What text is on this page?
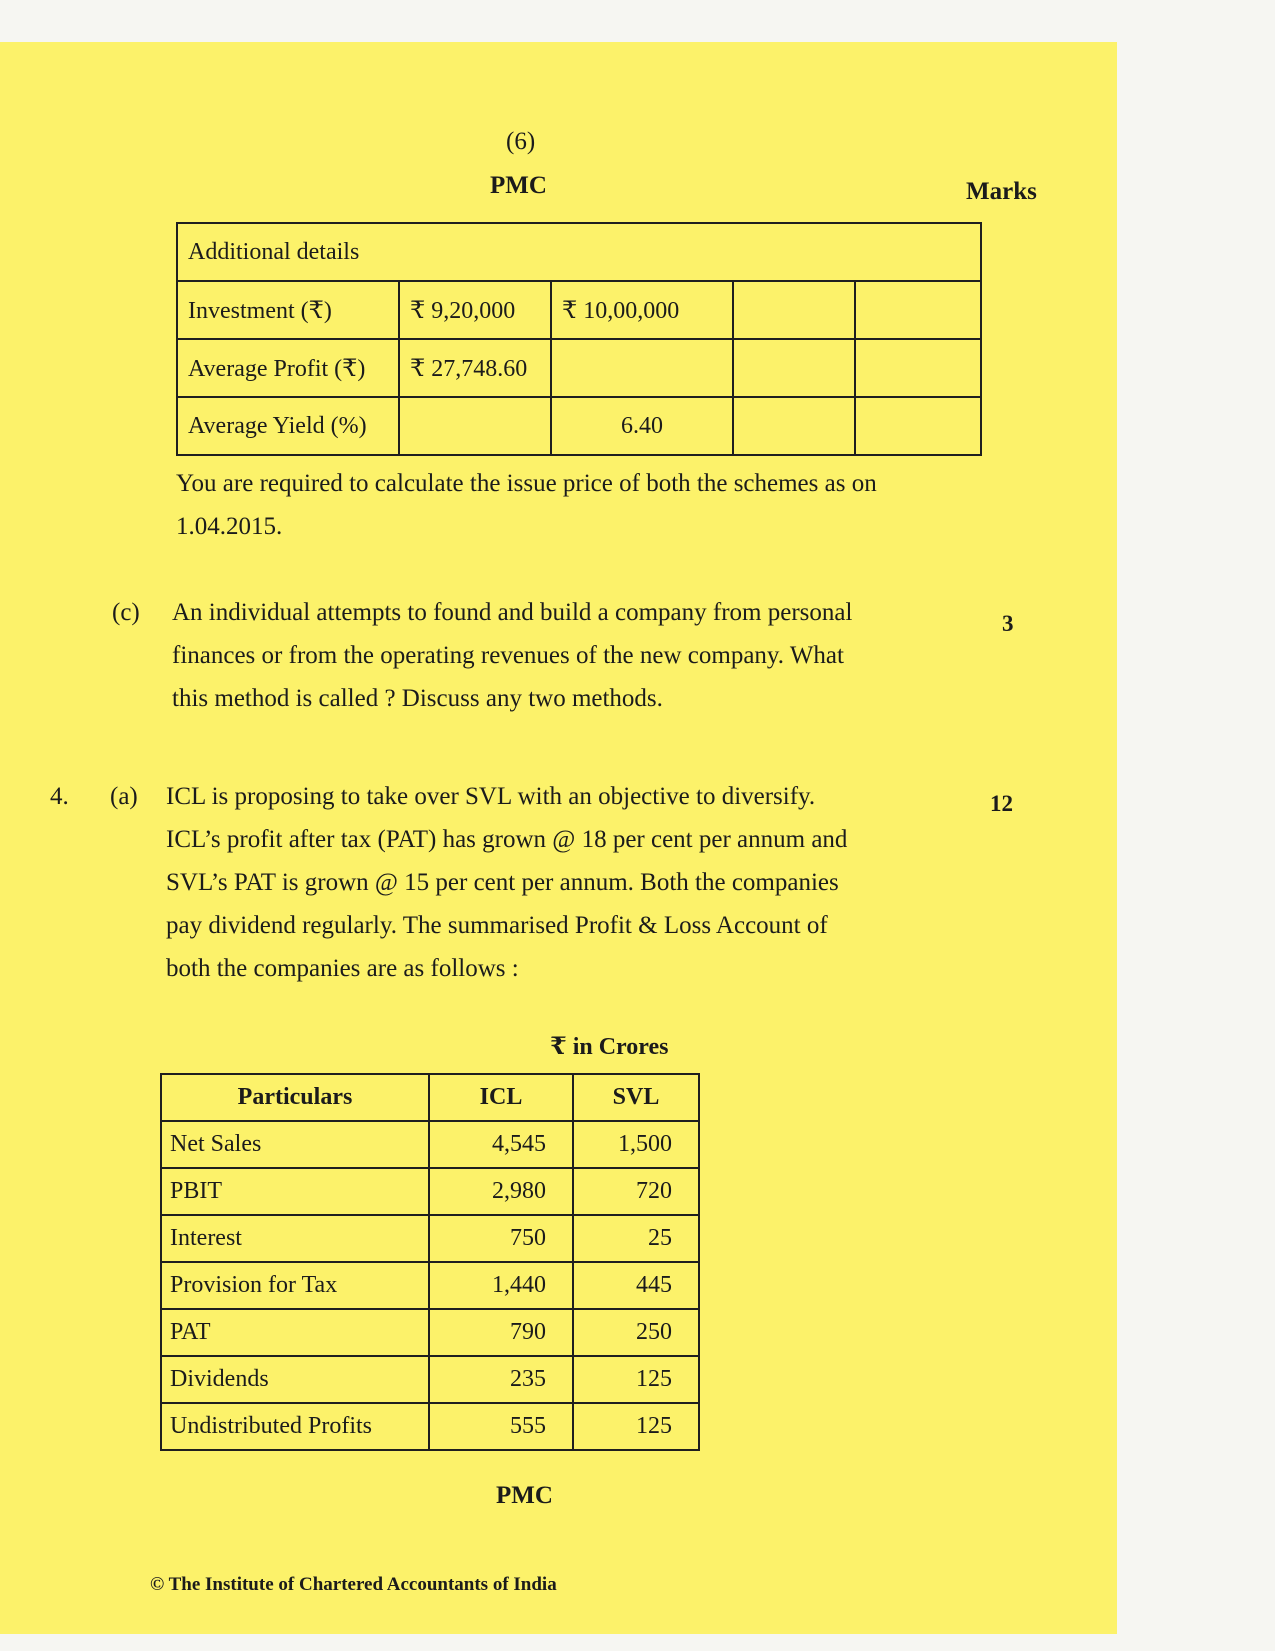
(6)
PMC	Marks
Additional details				
Investment (₹)	₹ 9,20,000	₹ 10,00,000		
Average Profit (₹)	₹ 27,748.60			
Average Yield (%)		6.40		
You are required to calculate the issue price of both the schemes as on
1.04.2015.
(c) An individual attempts to found and build a company from personal
finances or from the operating revenues of the new company. What
this method is called ? Discuss any two methods.
3
4. (a) ICL is proposing to take over SVL with an objective to diversify.
ICL’s profit after tax (PAT) has grown @ 18 per cent per annum and
SVL’s PAT is grown @ 15 per cent per annum. Both the companies
pay dividend regularly. The summarised Profit & Loss Account of
both the companies are as follows :
12
₹ in Crores
Particulars	ICL	SVL
Net Sales	4,545	1,500
PBIT	2,980	720
Interest	750	25
Provision for Tax	1,440	445
PAT	790	250
Dividends	235	125
Undistributed Profits	555	125
PMC
© The Institute of Chartered Accountants of India
